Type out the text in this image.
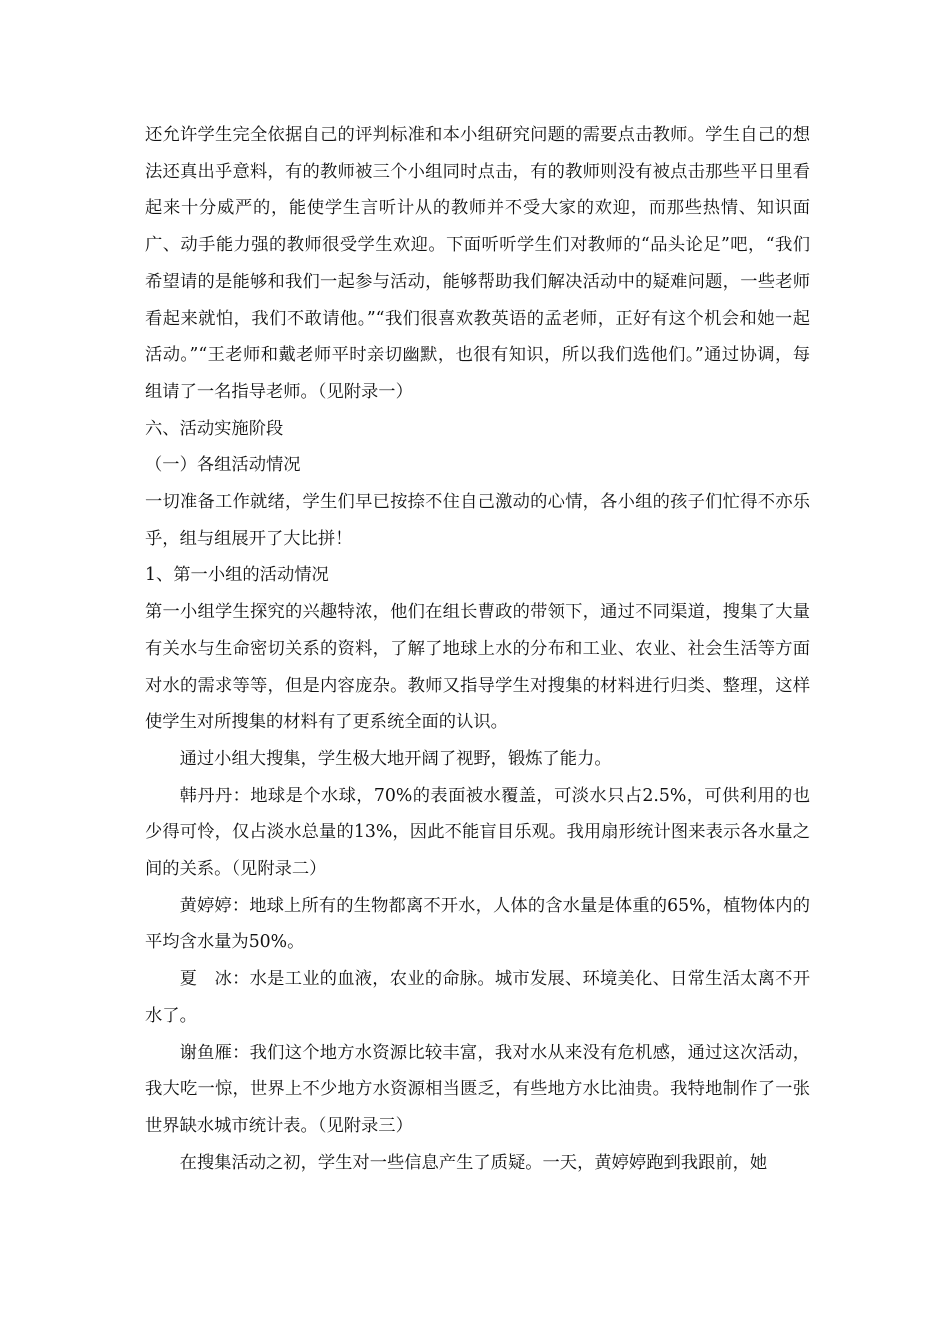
还允许学生完全依据自己的评判标准和本小组研究问题的需要点击教师。学生自己的想法还真出乎意料，有的教师被三个小组同时点击，有的教师则没有被点击那些平日里看起来十分威严的，能使学生言听计从的教师并不受大家的欢迎，而那些热情、知识面广、动手能力强的教师很受学生欢迎。下面听听学生们对教师的“品头论足”吧，“我们希望请的是能够和我们一起参与活动，能够帮助我们解决活动中的疑难问题，一些老师看起来就怕，我们不敢请他。”“我们很喜欢教英语的孟老师，正好有这个机会和她一起活动。”“王老师和戴老师平时亲切幽默，也很有知识，所以我们选他们。”通过协调，每组请了一名指导老师。（见附录一）

六、活动实施阶段

（一）各组活动情况

一切准备工作就绪，学生们早已按捺不住自己激动的心情，各小组的孩子们忙得不亦乐乎，组与组展开了大比拼！

1、第一小组的活动情况

第一小组学生探究的兴趣特浓，他们在组长曹政的带领下，通过不同渠道，搜集了大量有关水与生命密切关系的资料，了解了地球上水的分布和工业、农业、社会生活等方面对水的需求等等，但是内容庞杂。教师又指导学生对搜集的材料进行归类、整理，这样使学生对所搜集的材料有了更系统全面的认识。

通过小组大搜集，学生极大地开阔了视野，锻炼了能力。

韩丹丹：地球是个水球，70%的表面被水覆盖，可淡水只占2.5%，可供利用的也少得可怜，仅占淡水总量的13%，因此不能盲目乐观。我用扇形统计图来表示各水量之间的关系。（见附录二）

黄婷婷：地球上所有的生物都离不开水，人体的含水量是体重的65%，植物体内的平均含水量为50%。

夏　冰：水是工业的血液，农业的命脉。城市发展、环境美化、日常生活太离不开水了。

谢鱼雁：我们这个地方水资源比较丰富，我对水从来没有危机感，通过这次活动，我大吃一惊，世界上不少地方水资源相当匮乏，有些地方水比油贵。我特地制作了一张世界缺水城市统计表。（见附录三）

在搜集活动之初，学生对一些信息产生了质疑。一天，黄婷婷跑到我跟前，她
